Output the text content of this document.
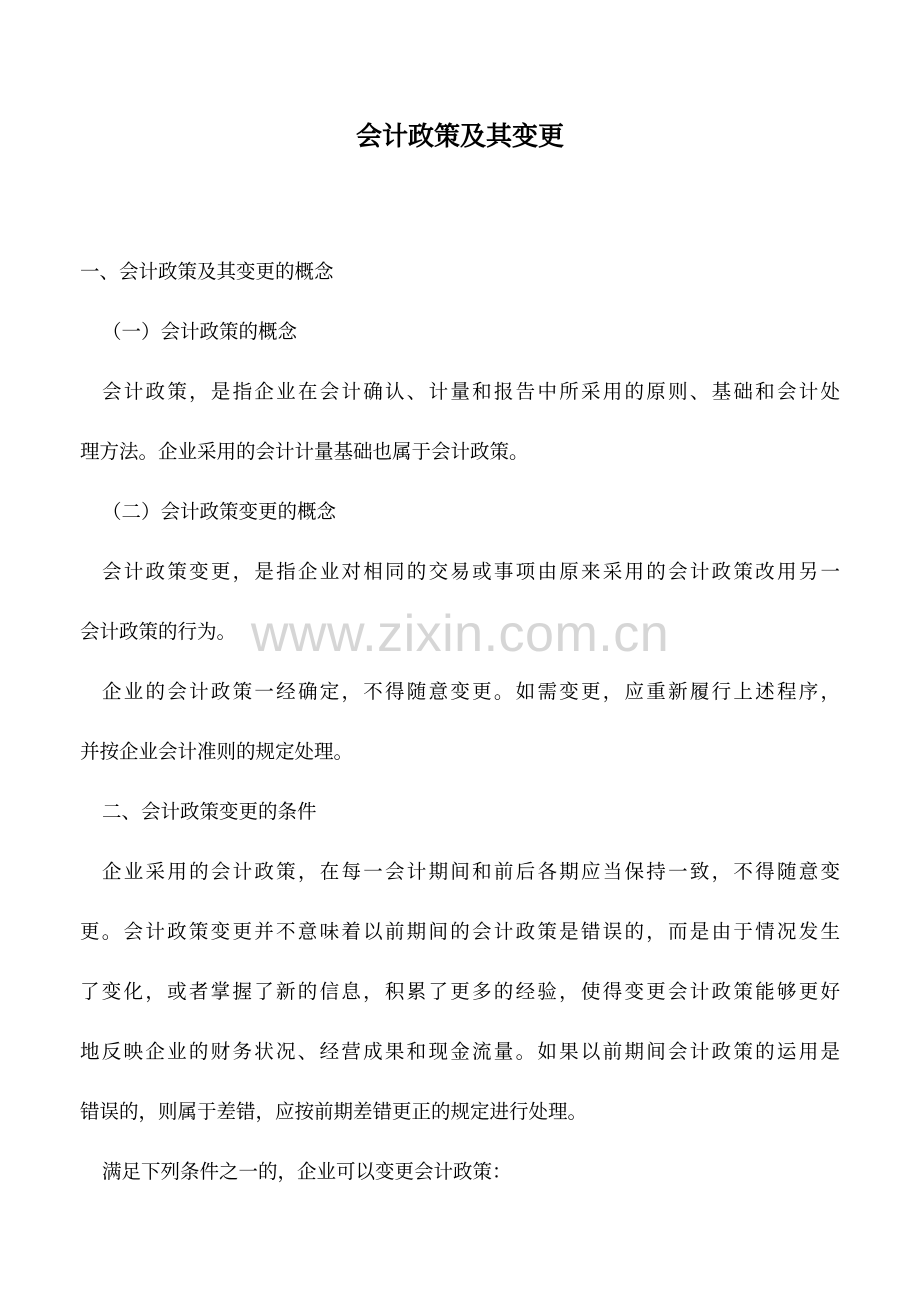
会计政策及其变更
一、会计政策及其变更的概念
（一）会计政策的概念
会计政策，是指企业在会计确认、计量和报告中所采用的原则、基础和会计处
理方法。企业采用的会计计量基础也属于会计政策。
（二）会计政策变更的概念
会计政策变更，是指企业对相同的交易或事项由原来采用的会计政策改用另一
会计政策的行为。
企业的会计政策一经确定，不得随意变更。如需变更，应重新履行上述程序，
并按企业会计准则的规定处理。
二、会计政策变更的条件
企业采用的会计政策，在每一会计期间和前后各期应当保持一致，不得随意变
更。会计政策变更并不意味着以前期间的会计政策是错误的，而是由于情况发生
了变化，或者掌握了新的信息，积累了更多的经验，使得变更会计政策能够更好
地反映企业的财务状况、经营成果和现金流量。如果以前期间会计政策的运用是
错误的，则属于差错，应按前期差错更正的规定进行处理。
满足下列条件之一的，企业可以变更会计政策：
www.zixin.com.cn
